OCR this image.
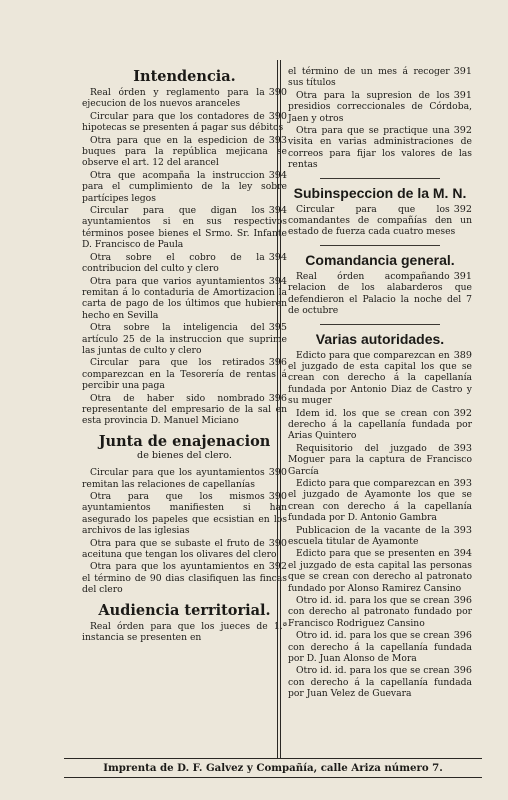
Intendencia.
390
Real órden y reglamento para la ejecucion de los nuevos aranceles
390
Circular para que los contadores de hipotecas se presenten á pagar sus débitos
393
Otra para que en la espedicion de buques para la república mejicana se observe el art. 12 del arancel
394
Otra que acompaña la instruccion para el cumplimiento de la ley sobre partícipes legos
394
Circular para que digan los ayuntamientos si en sus respectivos términos posee bienes el Srmo. Sr. Infante D. Francisco de Paula
394
Otra sobre el cobro de la contribucion del culto y clero
394
Otra para que varios ayuntamientos remitan á lo contaduria de Amortizacion la carta de pago de los últimos que hubieren hecho en Sevilla
395
Otra sobre la inteligencia del artículo 25 de la instruccion que suprime las juntas de culto y clero
396
Circular para que los retirados comparezcan en la Tesorería de rentas á percibir una paga
396
Otra de haber sido nombrado representante del empresario de la sal en esta provincia D. Manuel Miciano
Junta de enajenacion
de bienes del clero.
390
Circular para que los ayuntamientos remitan las relaciones de capellanías
390
Otra para que los mismos ayuntamientos manifiesten si han asegurado los papeles que ecsistian en los archivos de las iglesias
390
Otra para que se subaste el fruto de aceituna que tengan los olivares del clero
392
Otra para que los ayuntamientos en el término de 90 dias clasifiquen las fincas del clero
Audiencia territorial.
Real órden para que los jueces de 1.ª instancia se presenten en
391
el término de un mes á recoger sus títulos
391
Otra para la supresion de los presidios correccionales de Córdoba, Jaen y otros
392
Otra para que se practique una visita en varias administraciones de correos para fijar los valores de las rentas
Subinspeccion de la M. N.
392
Circular para que los comandantes de compañías den un estado de fuerza cada cuatro meses
Comandancia general.
391
Real órden acompañando relacion de los alabarderos que defendieron el Palacio la noche del 7 de octubre
Varias autoridades.
389
Edicto para que comparezcan en el juzgado de esta capital los que se crean con derecho á la capellanía fundada por Antonio Diaz de Castro y su muger
392
Idem id. los que se crean con derecho á la capellanía fundada por Arias Quintero
393
Requisitorio del juzgado de Moguer para la captura de Francisco García
393
Edicto para que comparezcan en el juzgado de Ayamonte los que se crean con derecho á la capellanía fundada por D. Antonio Gambra
393
Publicacion de la vacante de la escuela titular de Ayamonte
394
Edicto para que se presenten en el juzgado de esta capital las personas que se crean con derecho al patronato fundado por Alonso Ramirez Cansino
396
Otro id. id. para los que se crean con derecho al patronato fundado por Francisco Rodriguez Cansino
396
Otro id. id. para los que se crean con derecho á la capellanía fundada por D. Juan Alonso de Mora
396
Otro id. id. para los que se crean con derecho á la capellanía fundada por Juan Velez de Guevara
Imprenta de D. F. Galvez y Compañía, calle Ariza número 7.
